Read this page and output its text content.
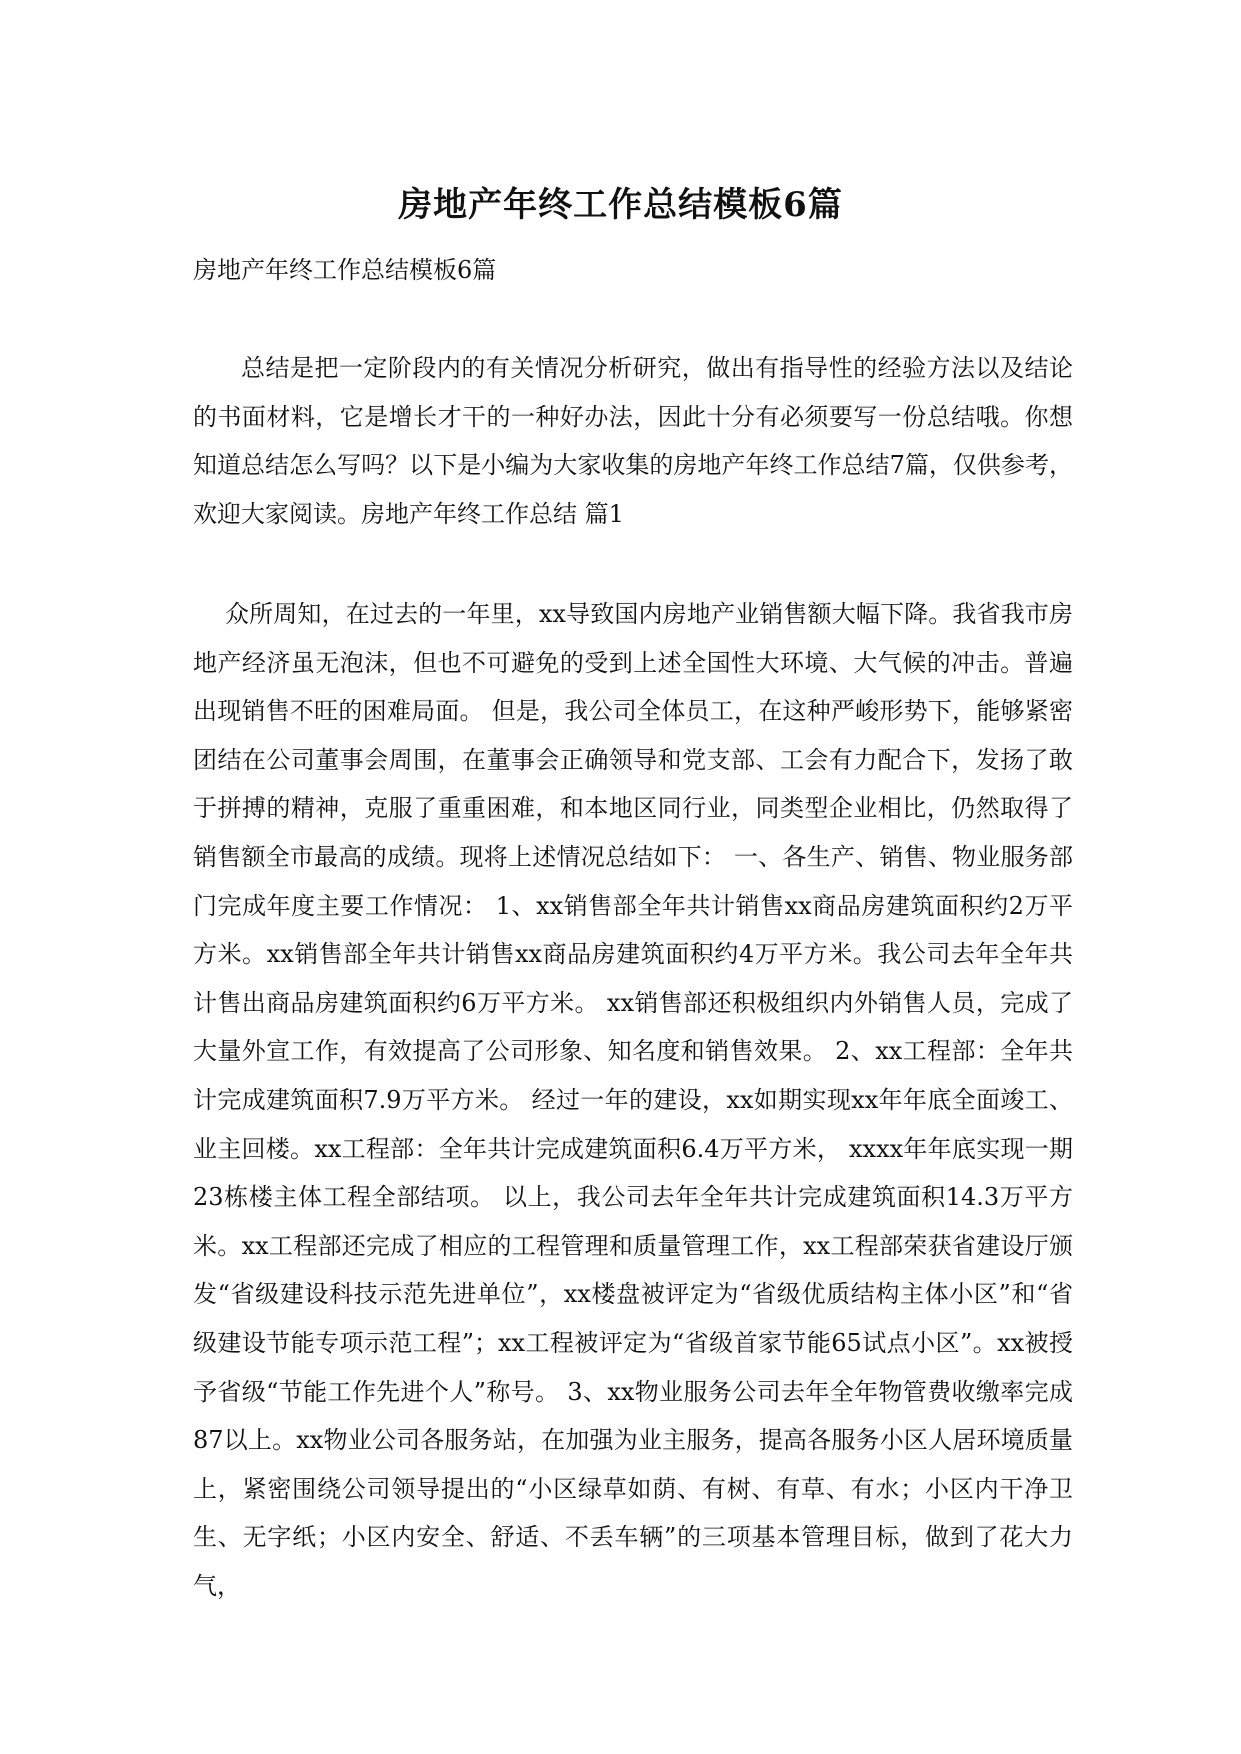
房地产年终工作总结模板6篇
房地产年终工作总结模板6篇

总结是把一定阶段内的有关情况分析研究，做出有指导性的经验方法以及结论的书面材料，它是增长才干的一种好办法，因此十分有必须要写一份总结哦。你想知道总结怎么写吗？以下是小编为大家收集的房地产年终工作总结7篇，仅供参考，欢迎大家阅读。房地产年终工作总结 篇1

众所周知，在过去的一年里，xx导致国内房地产业销售额大幅下降。我省我市房地产经济虽无泡沫，但也不可避免的受到上述全国性大环境、大气候的冲击。普遍出现销售不旺的困难局面。 但是，我公司全体员工，在这种严峻形势下，能够紧密团结在公司董事会周围，在董事会正确领导和党支部、工会有力配合下，发扬了敢于拼搏的精神，克服了重重困难，和本地区同行业，同类型企业相比，仍然取得了销售额全市最高的成绩。现将上述情况总结如下： 一、各生产、销售、物业服务部门完成年度主要工作情况： 1、xx销售部全年共计销售xx商品房建筑面积约2万平方米。xx销售部全年共计销售xx商品房建筑面积约4万平方米。我公司去年全年共计售出商品房建筑面积约6万平方米。 xx销售部还积极组织内外销售人员，完成了大量外宣工作，有效提高了公司形象、知名度和销售效果。 2、xx工程部：全年共计完成建筑面积7.9万平方米。 经过一年的建设，xx如期实现xx年年底全面竣工、业主回楼。xx工程部：全年共计完成建筑面积6.4万平方米， xxxx年年底实现一期23栋楼主体工程全部结项。 以上，我公司去年全年共计完成建筑面积14.3万平方米。xx工程部还完成了相应的工程管理和质量管理工作，xx工程部荣获省建设厅颁发“省级建设科技示范先进单位”，xx楼盘被评定为“省级优质结构主体小区”和“省级建设节能专项示范工程”；xx工程被评定为“省级首家节能65试点小区”。xx被授予省级“节能工作先进个人”称号。 3、xx物业服务公司去年全年物管费收缴率完成87以上。xx物业公司各服务站，在加强为业主服务，提高各服务小区人居环境质量上，紧密围绕公司领导提出的“小区绿草如荫、有树、有草、有水；小区内干净卫生、无字纸；小区内安全、舒适、不丢车辆”的三项基本管理目标，做到了花大力气，
